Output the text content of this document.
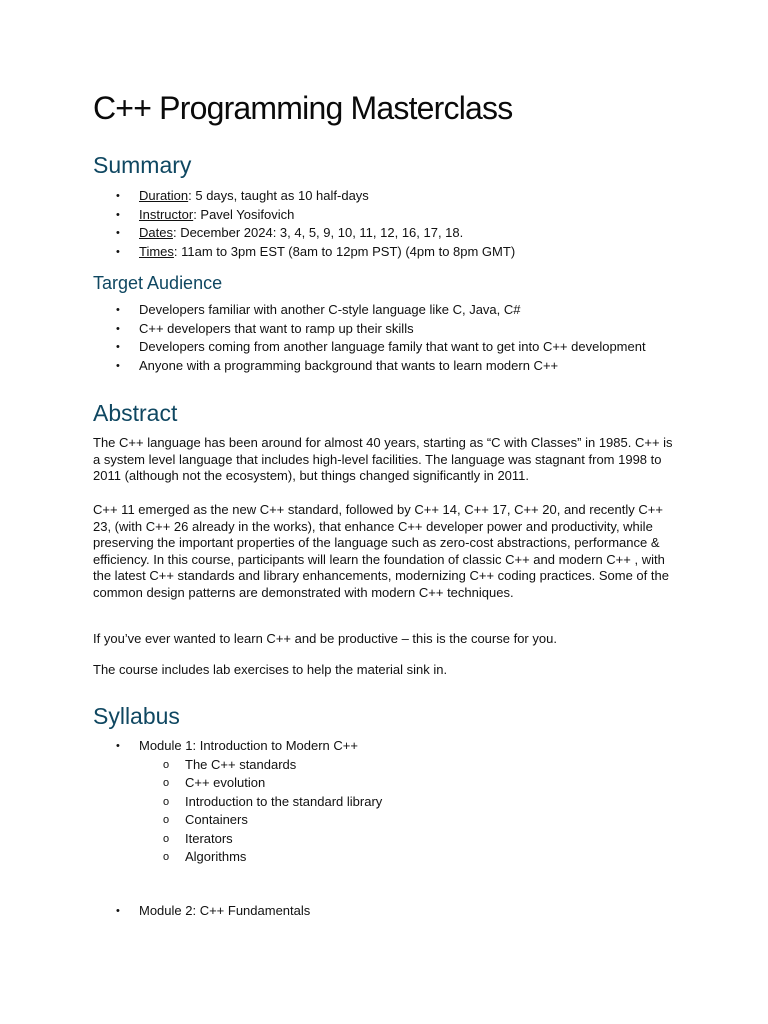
C++ Programming Masterclass
Summary
• Duration: 5 days, taught as 10 half-days
• Instructor: Pavel Yosifovich
• Dates: December 2024: 3, 4, 5, 9, 10, 11, 12, 16, 17, 18.
• Times: 11am to 3pm EST (8am to 12pm PST) (4pm to 8pm GMT)
Target Audience
• Developers familiar with another C-style language like C, Java, C#
• C++ developers that want to ramp up their skills
• Developers coming from another language family that want to get into C++ development
• Anyone with a programming background that wants to learn modern C++
Abstract

The C++ language has been around for almost 40 years, starting as “C with Classes” in 1985. C++ is a system level language that includes high-level facilities. The language was stagnant from 1998 to 2011 (although not the ecosystem), but things changed significantly in 2011.

C++ 11 emerged as the new C++ standard, followed by C++ 14, C++ 17, C++ 20, and recently C++ 23, (with C++ 26 already in the works), that enhance C++ developer power and productivity, while preserving the important properties of the language such as zero-cost abstractions, performance & efficiency. In this course, participants will learn the foundation of classic C++ and modern C++ , with the latest C++ standards and library enhancements, modernizing C++ coding practices. Some of the common design patterns are demonstrated with modern C++ techniques.

If you’ve ever wanted to learn C++ and be productive – this is the course for you.

The course includes lab exercises to help the material sink in.

Syllabus
• Module 1: Introduction to Modern C++
o The C++ standards
o C++ evolution
o Introduction to the standard library
o Containers
o Iterators
o Algorithms
• Module 2: C++ Fundamentals
